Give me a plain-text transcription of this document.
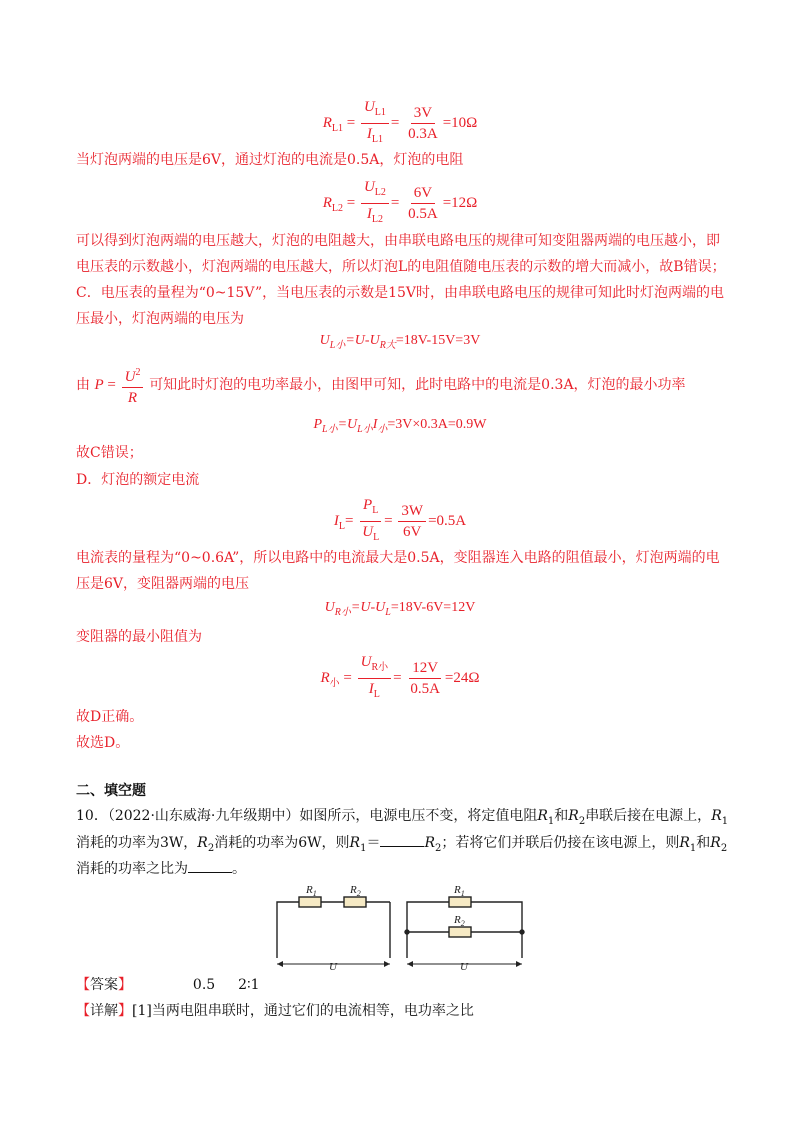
$R_{L1} = \frac{U_{L1}}{I_{L1}} = \frac{3V}{0.3A} =10\Omega$
当灯泡两端的电压是6V，通过灯泡的电流是0.5A，灯泡的电阻
$R_{L2} = \frac{U_{L2}}{I_{L2}} = \frac{6V}{0.5A} =12\Omega$
可以得到灯泡两端的电压越大，灯泡的电阻越大，由串联电路电压的规律可知变阻器两端的电压越小，即
电压表的示数越小，灯泡两端的电压越大，所以灯泡L的电阻值随电压表的示数的增大而减小，故B错误；
C．电压表的量程为“0~15V”，当电压表的示数是15V时，由串联电路电压的规律可知此时灯泡两端的电
压最小，灯泡两端的电压为
$U_{L小}=U-U_{R大}=18V-15V=3V$
由 $P = \frac{U^2}{R}$ 可知此时灯泡的电功率最小，由图甲可知，此时电路中的电流是0.3A，灯泡的最小功率
$P_{L小}=U_{L小}I_小=3V\times 0.3A=0.9W$
故C错误；
D．灯泡的额定电流
$I_L= \frac{P_L}{U_L} = \frac{3W}{6V} =0.5A$
电流表的量程为“0~0.6A”，所以电路中的电流最大是0.5A，变阻器连入电路的阻值最小，灯泡两端的电
压是6V，变阻器两端的电压
$U_{R小}=U-U_L=18V-6V=12V$
变阻器的最小阻值为
$R_小 = \frac{U_{R小}}{I_L} = \frac{12V}{0.5A} =24\Omega$
故D正确。
故选D。
二、填空题
10．（2022·山东威海·九年级期中）如图所示，电源电压不变，将定值电阻$R_1$和$R_2$串联后接在电源上，$R_1$
消耗的功率为3W，$R_2$消耗的功率为6W，则$R_1=$	$R_2$；若将它们并联后仍接在该电源上，则$R_1$和$R_2$
消耗的功率之比为	。
$R_1$	$R_2$
U
$R_1$
$R_2$
U
【答案】	0.5 2∶1
【详解】[1]当两电阻串联时，通过它们的电流相等，电功率之比
